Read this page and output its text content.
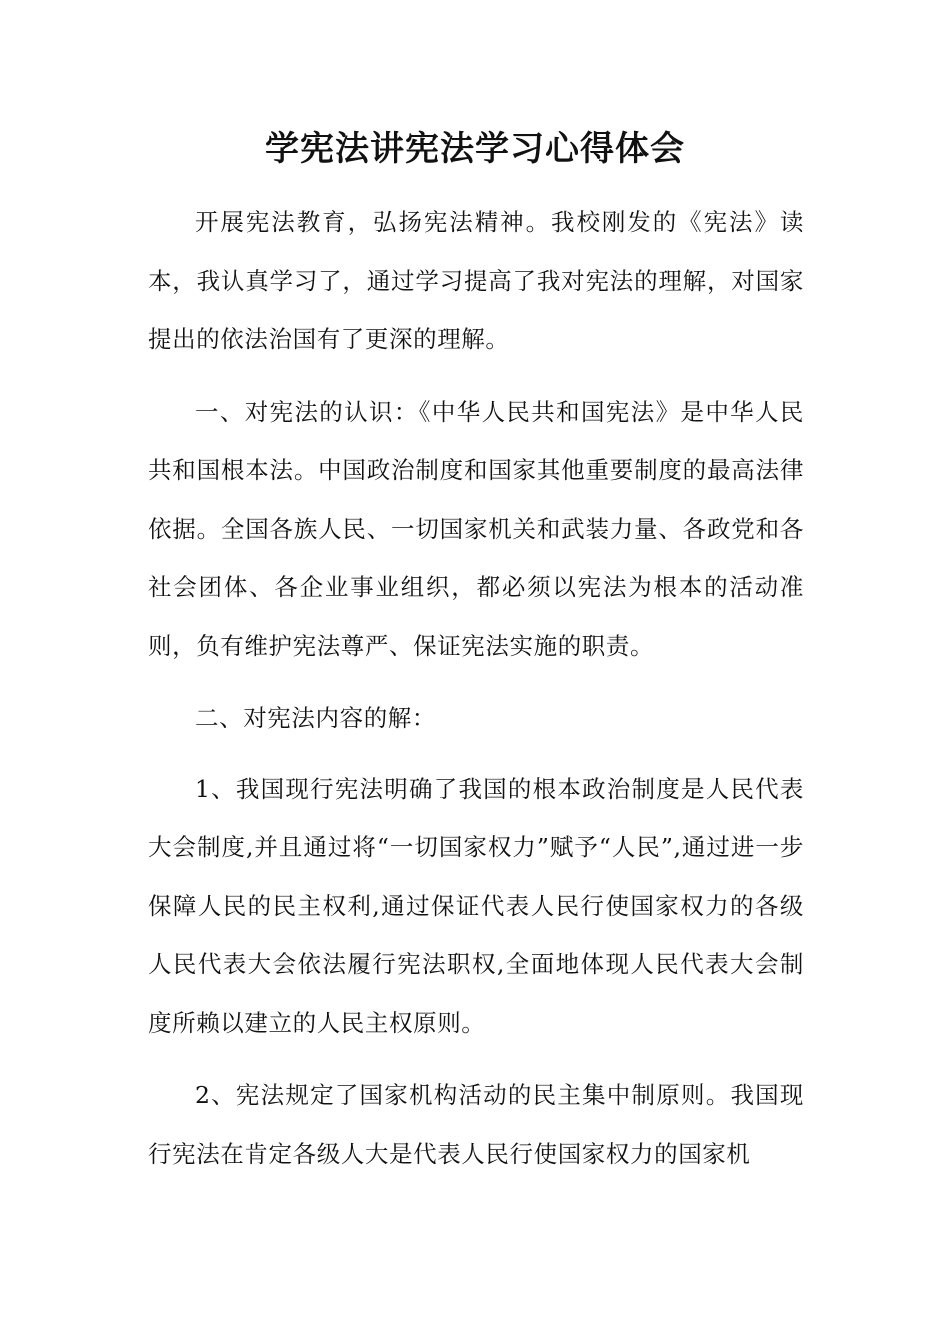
学宪法讲宪法学习心得体会

开展宪法教育，弘扬宪法精神。我校刚发的《宪法》读本，我认真学习了，通过学习提高了我对宪法的理解，对国家提出的依法治国有了更深的理解。

一、对宪法的认识：《中华人民共和国宪法》是中华人民共和国根本法。中国政治制度和国家其他重要制度的最高法律依据。全国各族人民、一切国家机关和武装力量、各政党和各社会团体、各企业事业组织，都必须以宪法为根本的活动准则，负有维护宪法尊严、保证宪法实施的职责。

二、对宪法内容的解：

1、我国现行宪法明确了我国的根本政治制度是人民代表大会制度,并且通过将“一切国家权力”赋予“人民”,通过进一步保障人民的民主权利,通过保证代表人民行使国家权力的各级人民代表大会依法履行宪法职权,全面地体现人民代表大会制度所赖以建立的人民主权原则。

2、宪法规定了国家机构活动的民主集中制原则。我国现行宪法在肯定各级人大是代表人民行使国家权力的国家机
